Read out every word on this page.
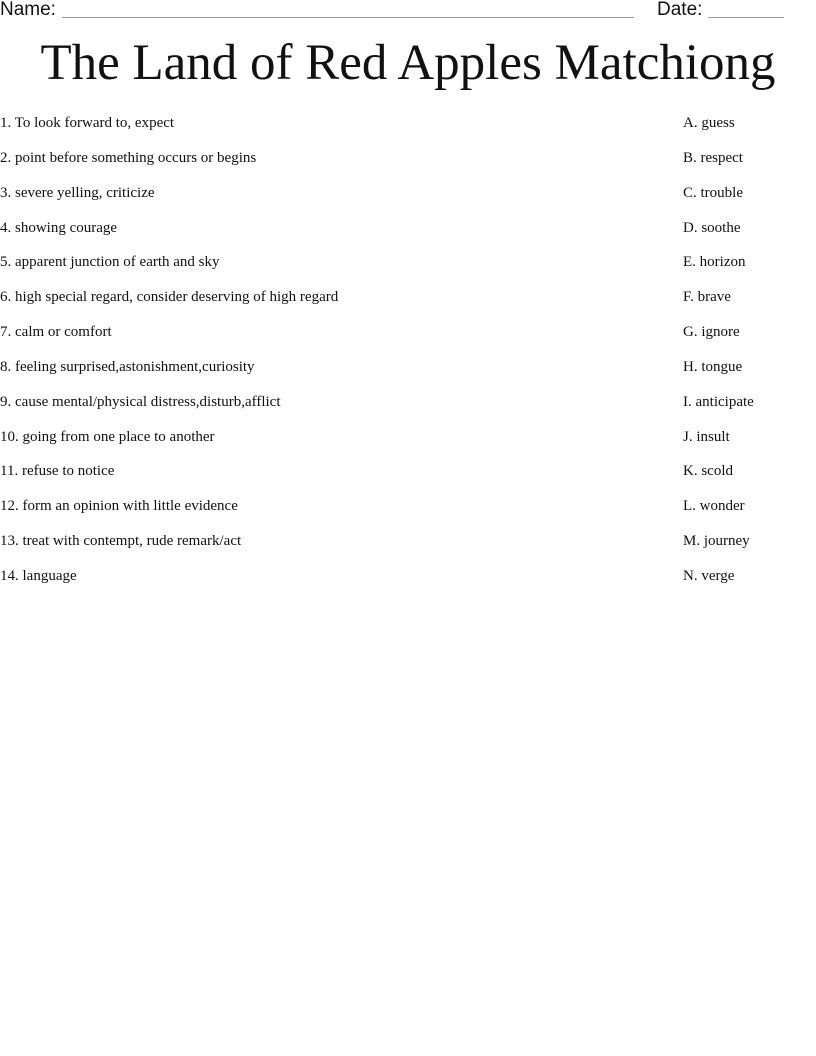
Name:	Date:
The Land of Red Apples Matchiong
1. To look forward to, expect
2. point before something occurs or begins
3. severe yelling, criticize
4. showing courage
5. apparent junction of earth and sky
6. high special regard, consider deserving of high regard
7. calm or comfort
8. feeling surprised,astonishment,curiosity
9. cause mental/physical distress,disturb,afflict
10. going from one place to another
11. refuse to notice
12. form an opinion with little evidence
13. treat with contempt, rude remark/act
14. language
A. guess
B. respect
C. trouble
D. soothe
E. horizon
F. brave
G. ignore
H. tongue
I. anticipate
J. insult
K. scold
L. wonder
M. journey
N. verge
